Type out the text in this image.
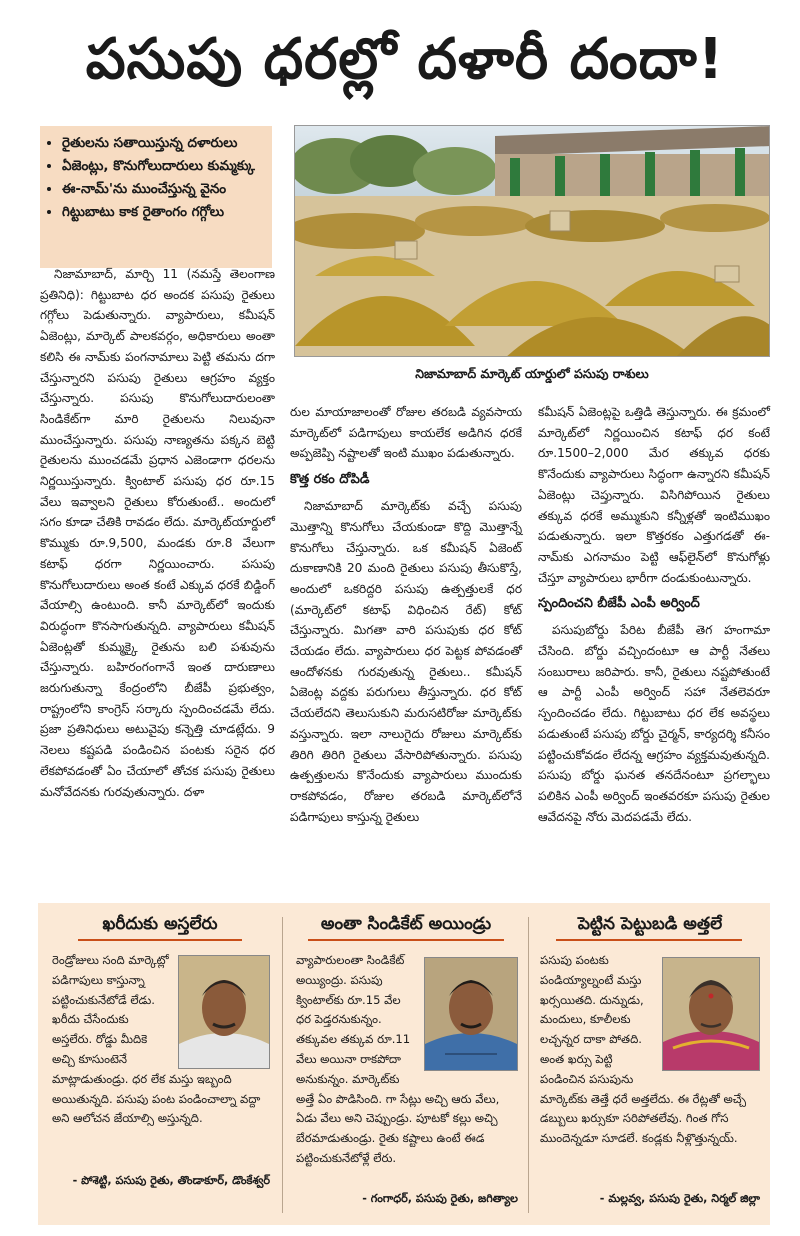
పసుపు ధరల్లో దళారీ దందా!
• రైతులను సతాయిస్తున్న దళారులు
• ఏజెంట్లు, కొనుగోలుదారులు కుమ్మక్కు
• ఈ-నామ్‌'ను ముంచేస్తున్న వైనం
• గిట్టుబాటు కాక రైతాంగం గగ్గోలు
నిజామాబాద్ మార్కెట్ యార్డులో పసుపు రాశులు

నిజామాబాద్, మార్చి 11 (నమస్తే తెలంగాణ ప్రతినిధి): గిట్టుబాట ధర అందక పసుపు రైతులు గగ్గోలు పెడుతున్నారు. వ్యాపారులు, కమీషన్ ఏజెంట్లు, మార్కెట్ పాలకవర్గం, అధికారులు అంతా కలిసి ఈ నామ్‌కు పంగనామాలు పెట్టి తమను దగా చేస్తున్నారని పసుపు రైతులు ఆగ్రహం వ్యక్తం చేస్తున్నారు. పసుపు కొనుగోలుదారులంతా సిండికేట్‌గా మారి రైతులను నిలువునా ముంచేస్తున్నారు. పసుపు నాణ్యతను పక్కన బెట్టి రైతులను ముంచడమే ప్రధాన ఎజెండాగా ధరలను నిర్ణయిస్తున్నారు. క్వింటాల్ పసుపు ధర రూ.15 వేలు ఇవ్వాలని రైతులు కోరుతుంటే.. అందులో సగం కూడా చేతికి రావడం లేదు. మార్కెట్‌యార్డులో కొమ్ముకు రూ.9,500, మండకు రూ.8 వేలుగా కటాఫ్ ధరగా నిర్ణయించారు. పసుపు కొనుగోలుదారులు అంత కంటే ఎక్కువ ధరకే బిడ్డింగ్ వేయాల్సి ఉంటుంది. కానీ మార్కెట్‌లో ఇందుకు విరుద్ధంగా కొనసాగుతున్నది. వ్యాపారులు కమీషన్ ఏజెంట్లతో కుమ్మక్కై రైతును బలి పశువును చేస్తున్నారు. బహిరంగంగానే ఇంత దారుణాలు జరుగుతున్నా కేంద్రంలోని బీజేపీ ప్రభుత్వం, రాష్ట్రంలోని కాంగ్రెస్ సర్కారు స్పందించడమే లేదు. ప్రజా ప్రతినిధులు అటువైపు కన్నెత్తి చూడట్లేదు. 9 నెలలు కష్టపడి పండించిన పంటకు సరైన ధర లేకపోవడంతో ఏం చేయాలో తోచక పసుపు రైతులు మనోవేదనకు గురవుతున్నారు. దళా

రుల మాయాజాలంతో రోజుల తరబడి వ్యవసాయ మార్కెట్‌లో పడిగాపులు కాయలేక అడిగిన ధరకే అప్పజెప్పి నష్టాలతో ఇంటి ముఖం పడుతున్నారు.

కొత్త రకం దోపిడీ

నిజామాబాద్ మార్కెట్‌కు వచ్చే పసుపు మొత్తాన్ని కొనుగోలు చేయకుండా కొద్ది మొత్తాన్నే కొనుగోలు చేస్తున్నారు. ఒక కమీషన్ ఏజెంట్ దుకాణానికి 20 మంది రైతులు పసుపు తీసుకొస్తే, అందులో ఒకరిద్దరి పసుపు ఉత్పత్తులకే ధర (మార్కెట్‌లో కటాఫ్ విధించిన రేట్) కోట్ చేస్తున్నారు. మిగతా వారి పసుపుకు ధర కోట్ చేయడం లేదు. వ్యాపారులు ధర పెట్టక పోవడంతో ఆందోళనకు గురవుతున్న రైతులు.. కమీషన్ ఏజెంట్ల వద్దకు పరుగులు తీస్తున్నారు. ధర కోట్ చేయలేదని తెలుసుకుని మరుసటిరోజు మార్కెట్‌కు వస్తున్నారు. ఇలా నాలుగైదు రోజులు మార్కెట్‌కు తిరిగి తిరిగి రైతులు వేసారిపోతున్నారు. పసుపు ఉత్పత్తులను కొనేందుకు వ్యాపారులు ముందుకు రాకపోవడం, రోజుల తరబడి మార్కెట్‌లోనే పడిగాపులు కాస్తున్న రైతులు

కమీషన్ ఏజెంట్లపై ఒత్తిడి తెస్తున్నారు. ఈ క్రమంలో మార్కెట్‌లో నిర్ణయించిన కటాఫ్ ధర కంటే రూ.1500–2,000 మేర తక్కువ ధరకు కొనేందుకు వ్యాపారులు సిద్ధంగా ఉన్నారని కమీషన్ ఏజెంట్లు చెప్తున్నారు. విసిగిపోయిన రైతులు తక్కువ ధరకే అమ్ముకుని కన్నీళ్లతో ఇంటిముఖం పడుతున్నారు. ఇలా కొత్తరకం ఎత్తుగడతో ఈ-నామ్‌కు ఎగనామం పెట్టి ఆఫ్‌లైన్‌లో కొనుగోళ్లు చేస్తూ వ్యాపారులు భారీగా దండుకుంటున్నారు.

స్పందించని బీజేపీ ఎంపీ అర్వింద్

పసుపుబోర్డు పేరిట బీజేపీ తెగ హంగామా చేసింది. బోర్డు వచ్చిందంటూ ఆ పార్టీ నేతలు సంబురాలు జరిపారు. కానీ, రైతులు నష్టపోతుంటే ఆ పార్టీ ఎంపీ అర్వింద్ సహా నేతలెవరూ స్పందించడం లేదు. గిట్టుబాటు ధర లేక అవస్థలు పడుతుంటే పసుపు బోర్డు చైర్మన్, కార్యదర్శి కనీసం పట్టించుకోవడం లేదన్న ఆగ్రహం వ్యక్తమవుతున్నది. పసుపు బోర్డు ఘనత తనదేనంటూ ప్రగల్భాలు పలికిన ఎంపీ అర్వింద్ ఇంతవరకూ పసుపు రైతుల ఆవేదనపై నోరు మెదపడమే లేదు.

ఖరీదుకు అస్తలేరు

రెండ్రోజులు సంది మార్కెట్లో పడిగాపులు కాస్తున్నా పట్టించుకునేటోడే లేడు. ఖరీదు చేసేందుకు అస్తలేరు. రోడ్డు మీదికె అచ్చి కూసుంటెనే మాట్లాడుతుండ్రు. ధర లేక మస్తు ఇబ్బంది అయితున్నది. పసుపు పంట పండించాల్నా వద్దా అని ఆలోచన జేయాల్సి అస్తున్నది.

- పోశెట్టి, పసుపు రైతు, తొండాకూర్, డొంకేశ్వర్
అంతా సిండికేట్ అయిండ్రు

వ్యాపారులంతా సిండికేట్ అయ్యింద్రు. పసుపు క్వింటాల్‌కు రూ.15 వేల ధర పెడ్తరనుకున్నం. తక్కువల తక్కువ రూ.11 వేలు అయినా రాకపోదా అనుకున్నం. మార్కెట్‌కు అత్తే ఏం పొడిసింది. గా సేట్లు అచ్చి ఆరు వేలు, ఏడు వేలు అని చెప్పుండ్రు. పూటకో కల్లు అచ్చి బేరమాడుతుండ్రు. రైతు కష్టాలు ఉంటే ఈడ పట్టించుకునేటోళ్లే లేరు.

- గంగాధర్, పసుపు రైతు, జగిత్యాల
పెట్టిన పెట్టుబడి అత్తలే

పసుపు పంటకు పండియ్యాల్నంటే మస్తు ఖర్సయితది. దున్నుడు, మందులు, కూలీలకు లచ్చన్నర దాకా పోతది. అంత ఖర్సు పెట్టి పండించిన పసుపును మార్కెట్‌కు తెత్తే ధరే అత్తలేదు. ఈ రేట్లతో అచ్చే డబ్బులు ఖర్సుకూ సరిపోతలేవు. గింత గోస ముందెన్నడూ సూడలే. కండ్లకు నీళ్లొత్తున్నయ్.

- మల్లవ్వ, పసుపు రైతు, నిర్మల్ జిల్లా
